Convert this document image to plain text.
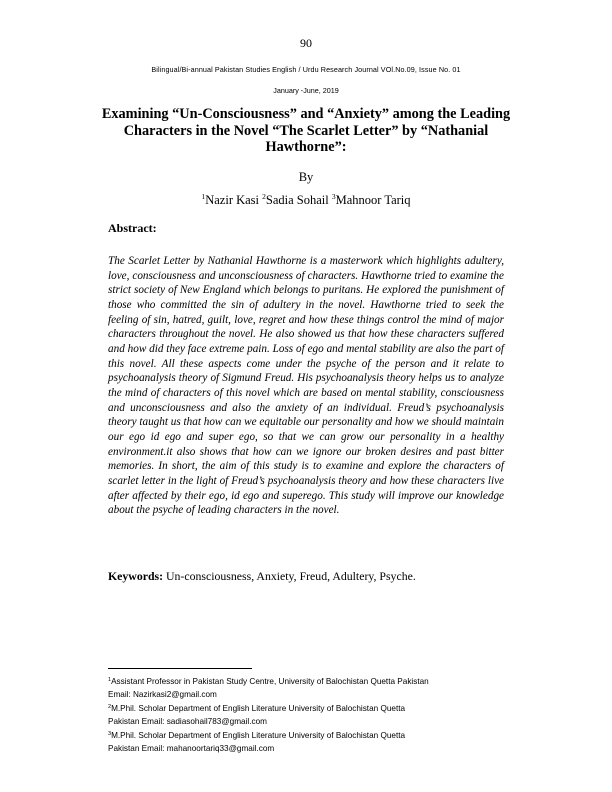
90
Bilingual/Bi-annual Pakistan Studies English / Urdu Research Journal VOl.No.09, Issue No. 01
January -June, 2019
Examining “Un-Consciousness” and “Anxiety” among the Leading Characters in the Novel “The Scarlet Letter” by “Nathanial Hawthorne”:
By
$^1$Nazir Kasi $^2$Sadia Sohail $^3$Mahnoor Tariq
Abstract:

The Scarlet Letter by Nathanial Hawthorne is a masterwork which highlights adultery, love, consciousness and unconsciousness of characters. Hawthorne tried to examine the strict society of New England which belongs to puritans. He explored the punishment of those who committed the sin of adultery in the novel. Hawthorne tried to seek the feeling of sin, hatred, guilt, love, regret and how these things control the mind of major characters throughout the novel. He also showed us that how these characters suffered and how did they face extreme pain. Loss of ego and mental stability are also the part of this novel. All these aspects come under the psyche of the person and it relate to psychoanalysis theory of Sigmund Freud. His psychoanalysis theory helps us to analyze the mind of characters of this novel which are based on mental stability, consciousness and unconsciousness and also the anxiety of an individual. Freud’s psychoanalysis theory taught us that how can we equitable our personality and how we should maintain our ego id ego and super ego, so that we can grow our personality in a healthy environment.it also shows that how can we ignore our broken desires and past bitter memories. In short, the aim of this study is to examine and explore the characters of scarlet letter in the light of Freud’s psychoanalysis theory and how these characters live after affected by their ego, id ego and superego. This study will improve our knowledge about the psyche of leading characters in the novel.

Keywords: Un-consciousness, Anxiety, Freud, Adultery, Psyche.
$^1$Assistant Professor in Pakistan Study Centre, University of Balochistan Quetta Pakistan
Email: Nazirkasi2@gmail.com
$^2$M.Phil. Scholar Department of English Literature University of Balochistan Quetta
Pakistan Email: sadiasohail783@gmail.com
$^3$M.Phil. Scholar Department of English Literature University of Balochistan Quetta
Pakistan Email: mahanoortariq33@gmail.com
